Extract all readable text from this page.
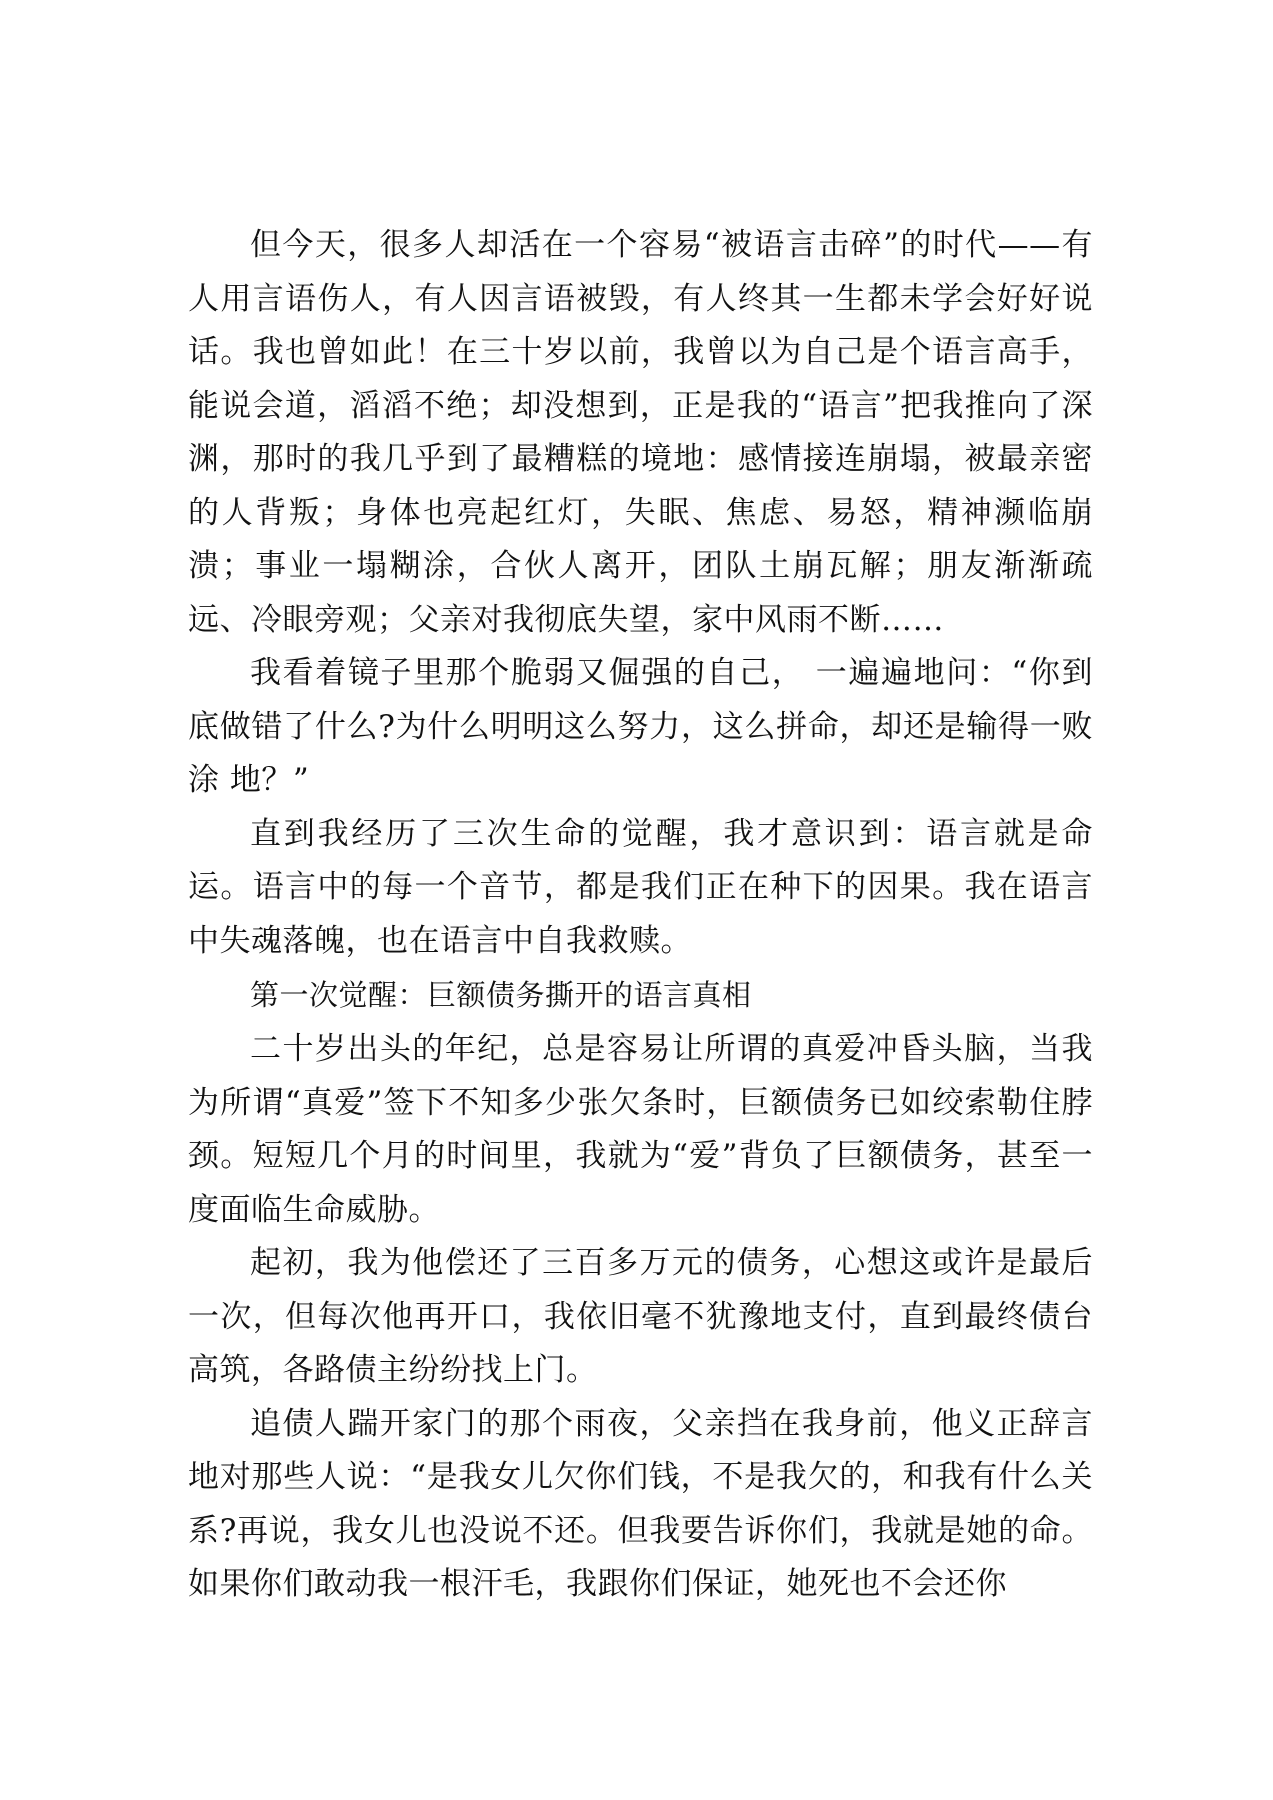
但今天，很多人却活在一个容易“被语言击碎”的时代——有人用言语伤人，有人因言语被毁，有人终其一生都未学会好好说话。我也曾如此！在三十岁以前，我曾以为自己是个语言高手，能说会道，滔滔不绝；却没想到，正是我的“语言”把我推向了深渊，那时的我几乎到了最糟糕的境地：感情接连崩塌，被最亲密的人背叛；身体也亮起红灯，失眠、焦虑、易怒，精神濒临崩溃；事业一塌糊涂，合伙人离开，团队土崩瓦解；朋友渐渐疏远、冷眼旁观；父亲对我彻底失望，家中风雨不断……

我看着镜子里那个脆弱又倔强的自己， 一遍遍地问：“你到底做错了什么?为什么明明这么努力，这么拼命，却还是输得一败 涂 地？”

直到我经历了三次生命的觉醒，我才意识到：语言就是命运。语言中的每一个音节，都是我们正在种下的因果。我在语言中失魂落魄，也在语言中自我救赎。

第一次觉醒：巨额债务撕开的语言真相

二十岁出头的年纪，总是容易让所谓的真爱冲昏头脑，当我为所谓“真爱”签下不知多少张欠条时，巨额债务已如绞索勒住脖颈。短短几个月的时间里，我就为“爱”背负了巨额债务，甚至一度面临生命威胁。

起初，我为他偿还了三百多万元的债务，心想这或许是最后一次，但每次他再开口，我依旧毫不犹豫地支付，直到最终债台高筑，各路债主纷纷找上门。

追债人踹开家门的那个雨夜，父亲挡在我身前，他义正辞言地对那些人说：“是我女儿欠你们钱，不是我欠的，和我有什么关系?再说，我女儿也没说不还。但我要告诉你们，我就是她的命。如果你们敢动我一根汗毛，我跟你们保证，她死也不会还你
